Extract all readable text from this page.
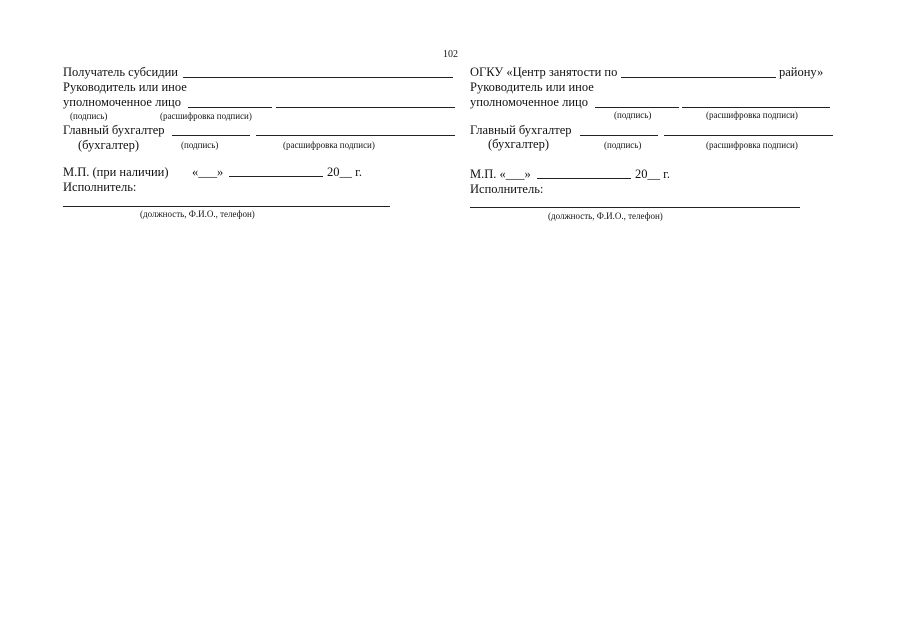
102
Получатель субсидии
Руководитель или иное
уполномоченное лицо
(подпись)	(расшифровка подписи)
Главный бухгалтер
(бухгалтер)	(подпись)	(расшифровка подписи)
М.П. (при наличии) «___»	20__ г.
Исполнитель:
(должность, Ф.И.О., телефон)
ОГКУ «Центр занятости по	району»
Руководитель или иное
уполномоченное лицо
(подпись)	(расшифровка подписи)
Главный бухгалтер
(бухгалтер)	(подпись)	(расшифровка подписи)
М.П. «___»	20__ г.
Исполнитель:
(должность, Ф.И.О., телефон)
